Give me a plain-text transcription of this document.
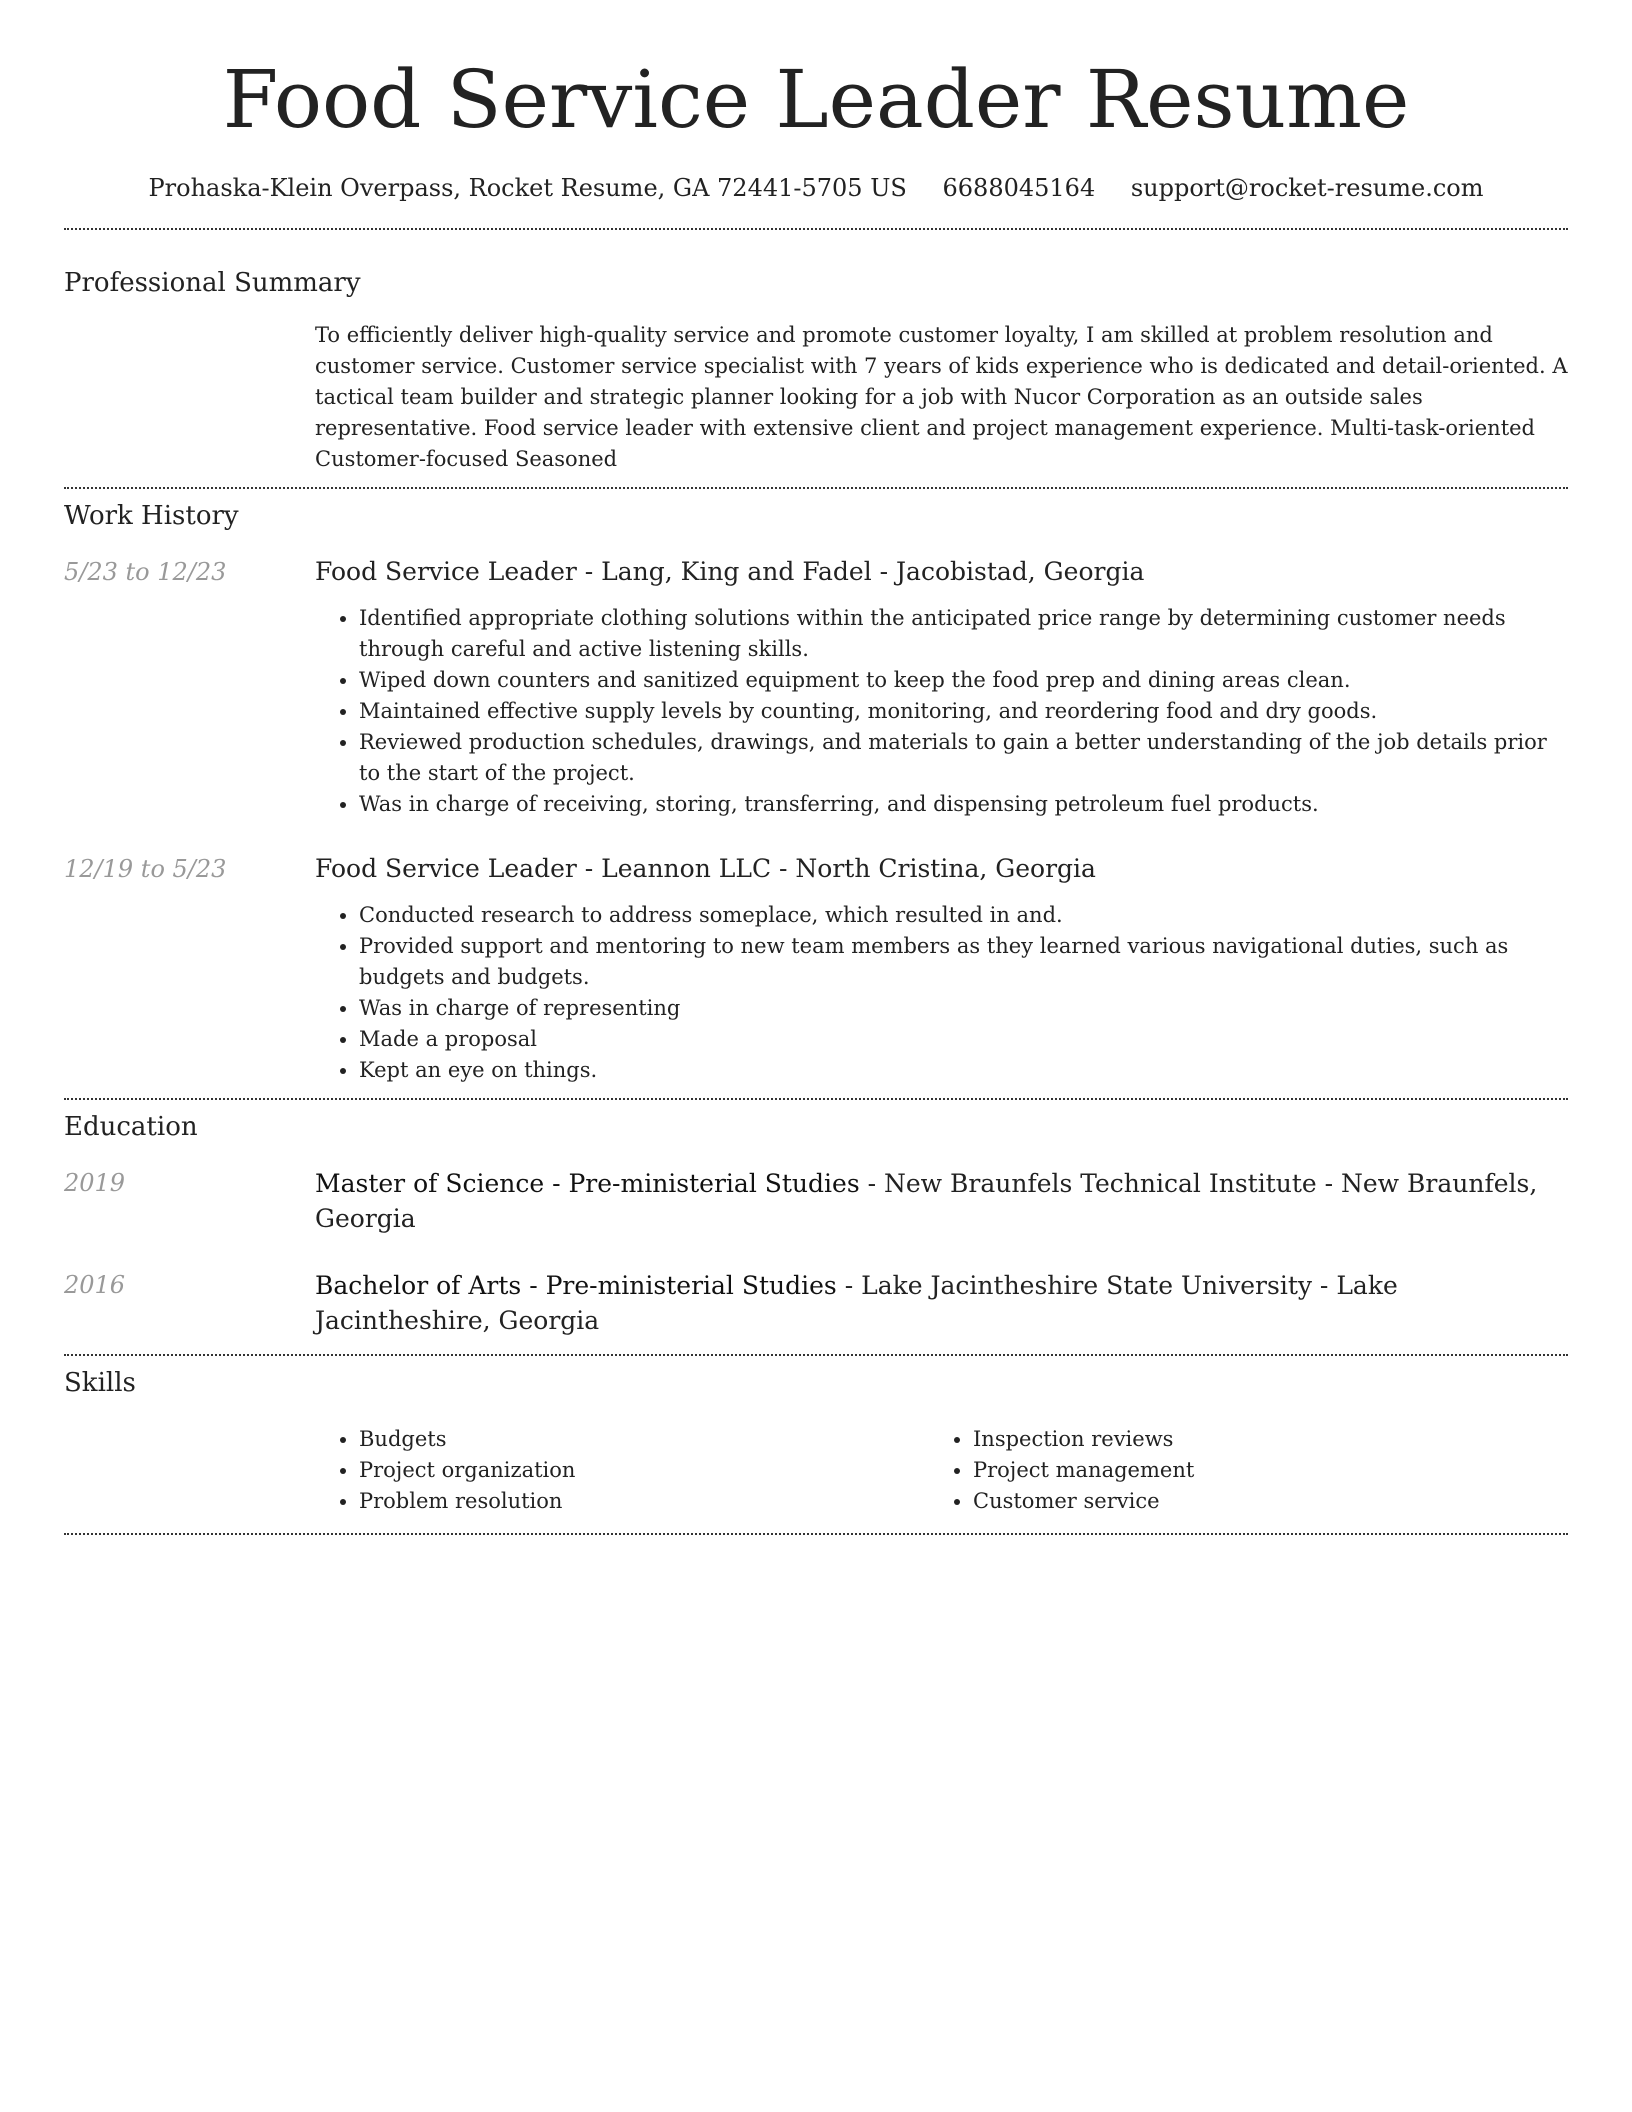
Food Service Leader Resume
Prohaska-Klein Overpass, Rocket Resume, GA 72441-5705 US 6688045164 support@rocket-resume.com
Professional Summary

To efficiently deliver high-quality service and promote customer loyalty, I am skilled at problem resolution and customer service. Customer service specialist with 7 years of kids experience who is dedicated and detail-oriented. A tactical team builder and strategic planner looking for a job with Nucor Corporation as an outside sales representative. Food service leader with extensive client and project management experience. Multi-task-oriented Customer-focused Seasoned

Work History
5/23 to 12/23	Food Service Leader - Lang, King and Fadel - Jacobistad, Georgia

• Identified appropriate clothing solutions within the anticipated price range by determining customer needs through careful and active listening skills.
• Wiped down counters and sanitized equipment to keep the food prep and dining areas clean.
• Maintained effective supply levels by counting, monitoring, and reordering food and dry goods.
• Reviewed production schedules, drawings, and materials to gain a better understanding of the job details prior to the start of the project.
• Was in charge of receiving, storing, transferring, and dispensing petroleum fuel products.
12/19 to 5/23	Food Service Leader - Leannon LLC - North Cristina, Georgia

• Conducted research to address someplace, which resulted in and.
• Provided support and mentoring to new team members as they learned various navigational duties, such as budgets and budgets.
• Was in charge of representing
• Made a proposal
• Kept an eye on things.
Education
2019	Master of Science - Pre-ministerial Studies - New Braunfels Technical Institute - New Braunfels, Georgia

2016	Bachelor of Arts - Pre-ministerial Studies - Lake Jacintheshire State University - Lake Jacintheshire, Georgia

Skills
• Budgets
• Project organization
• Problem resolution
• Inspection reviews
• Project management
• Customer service
